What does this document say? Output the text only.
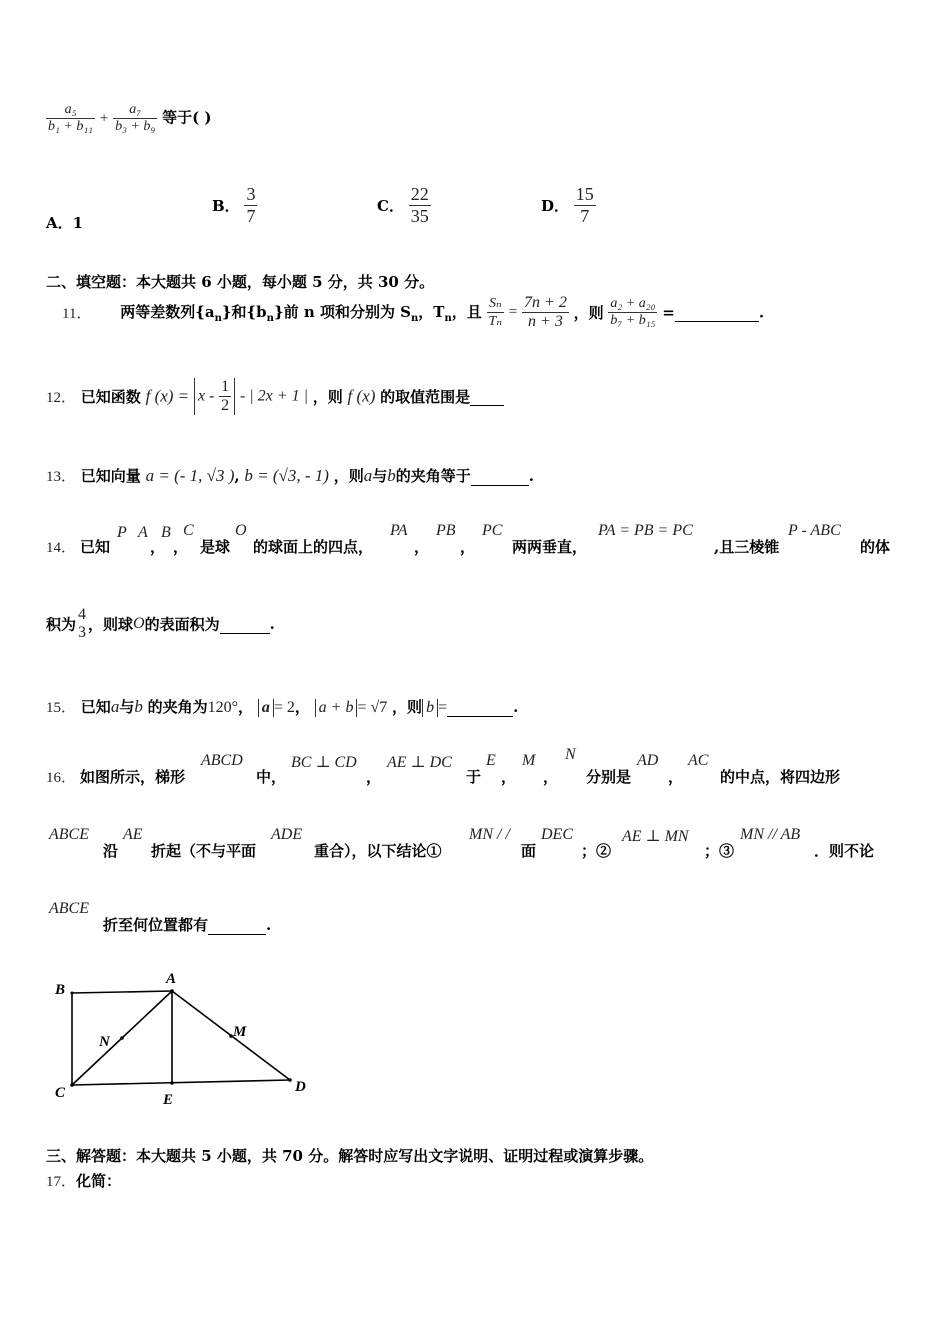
$\frac{\text{a₅}}{\text{b₁ + b₁₁}} + \frac{\text{a₇}}{\text{b₃ + b₉}}$ 等于( )
A．1
B． $\frac{3}{7}$	C． $\frac{22}{35}$	D． $\frac{15}{7}$
二、填空题：本大题共 6 小题，每小题 5 分，共 30 分。
11． 两等差数列$\{a_n\}$和$\{b_n\}$前 n 项和分别为 $S_n$，$T_n$，且 $\frac{\text{Sₙ}}{\text{Tₙ}} = \frac{7n + 2}{n + 3}$ ，则 $\frac{\text{a₂ + a₂₀}}{\text{b₇ + b₁₅}}$ =	.
12． 已知函数 f $(x) = x - \frac{1}{2}$ - | 2x + 1 | ，则 f (x) 的取值范围是
13． 已知向量 a = (- 1, √3 ), b = (√3, - 1) ，则a与b的夹角等于	.
14． 已知
P A
，
B
，
C
是球
O
的球面上的四点，
PA
，
PB
，
PC
两两垂直，
PA = PB = PC
,且三棱锥
P - ABC
的体
积为
4
3 ，则球O的表面积为	.
15． 已知a与b 的夹角为120°， a = 2， a + b = √7 ，则 b =	.
16． 如图所示，梯形
ABCD
中，
BC ⊥ CD
，
AE ⊥ DC
于
E
，
M
，
N
分别是
AD
，
AC
的中点，将四边形
ABCE
沿
AE
折起（不与平面
ADE
重合），以下结论①
MN / /
面
DEC
；②
AE ⊥ MN
；③
MN // AB
．则不论
ABCE
折至何位置都有	.
A
B
C	D
E
M
N
三、解答题：本大题共 5 小题，共 70 分。解答时应写出文字说明、证明过程或演算步骤。
17．化简：
